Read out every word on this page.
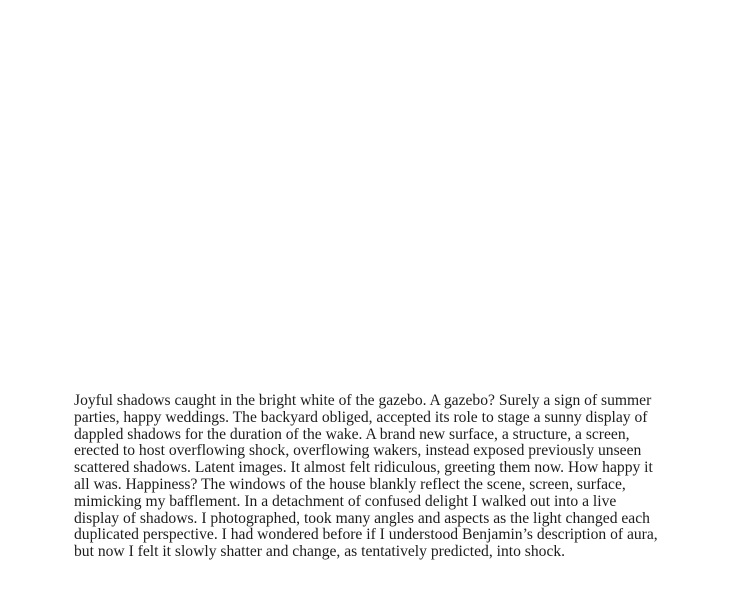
Joyful shadows caught in the bright white of the gazebo. A gazebo? Surely a sign of summer
parties, happy weddings. The backyard obliged, accepted its role to stage a sunny display of
dappled shadows for the duration of the wake. A brand new surface, a structure, a screen,
erected to host overflowing shock, overflowing wakers, instead exposed previously unseen
scattered shadows. Latent images. It almost felt ridiculous, greeting them now. How happy it
all was. Happiness? The windows of the house blankly reflect the scene, screen, surface,
mimicking my bafflement. In a detachment of confused delight I walked out into a live
display of shadows. I photographed, took many angles and aspects as the light changed each
duplicated perspective. I had wondered before if I understood Benjamin’s description of aura,
but now I felt it slowly shatter and change, as tentatively predicted, into shock.
